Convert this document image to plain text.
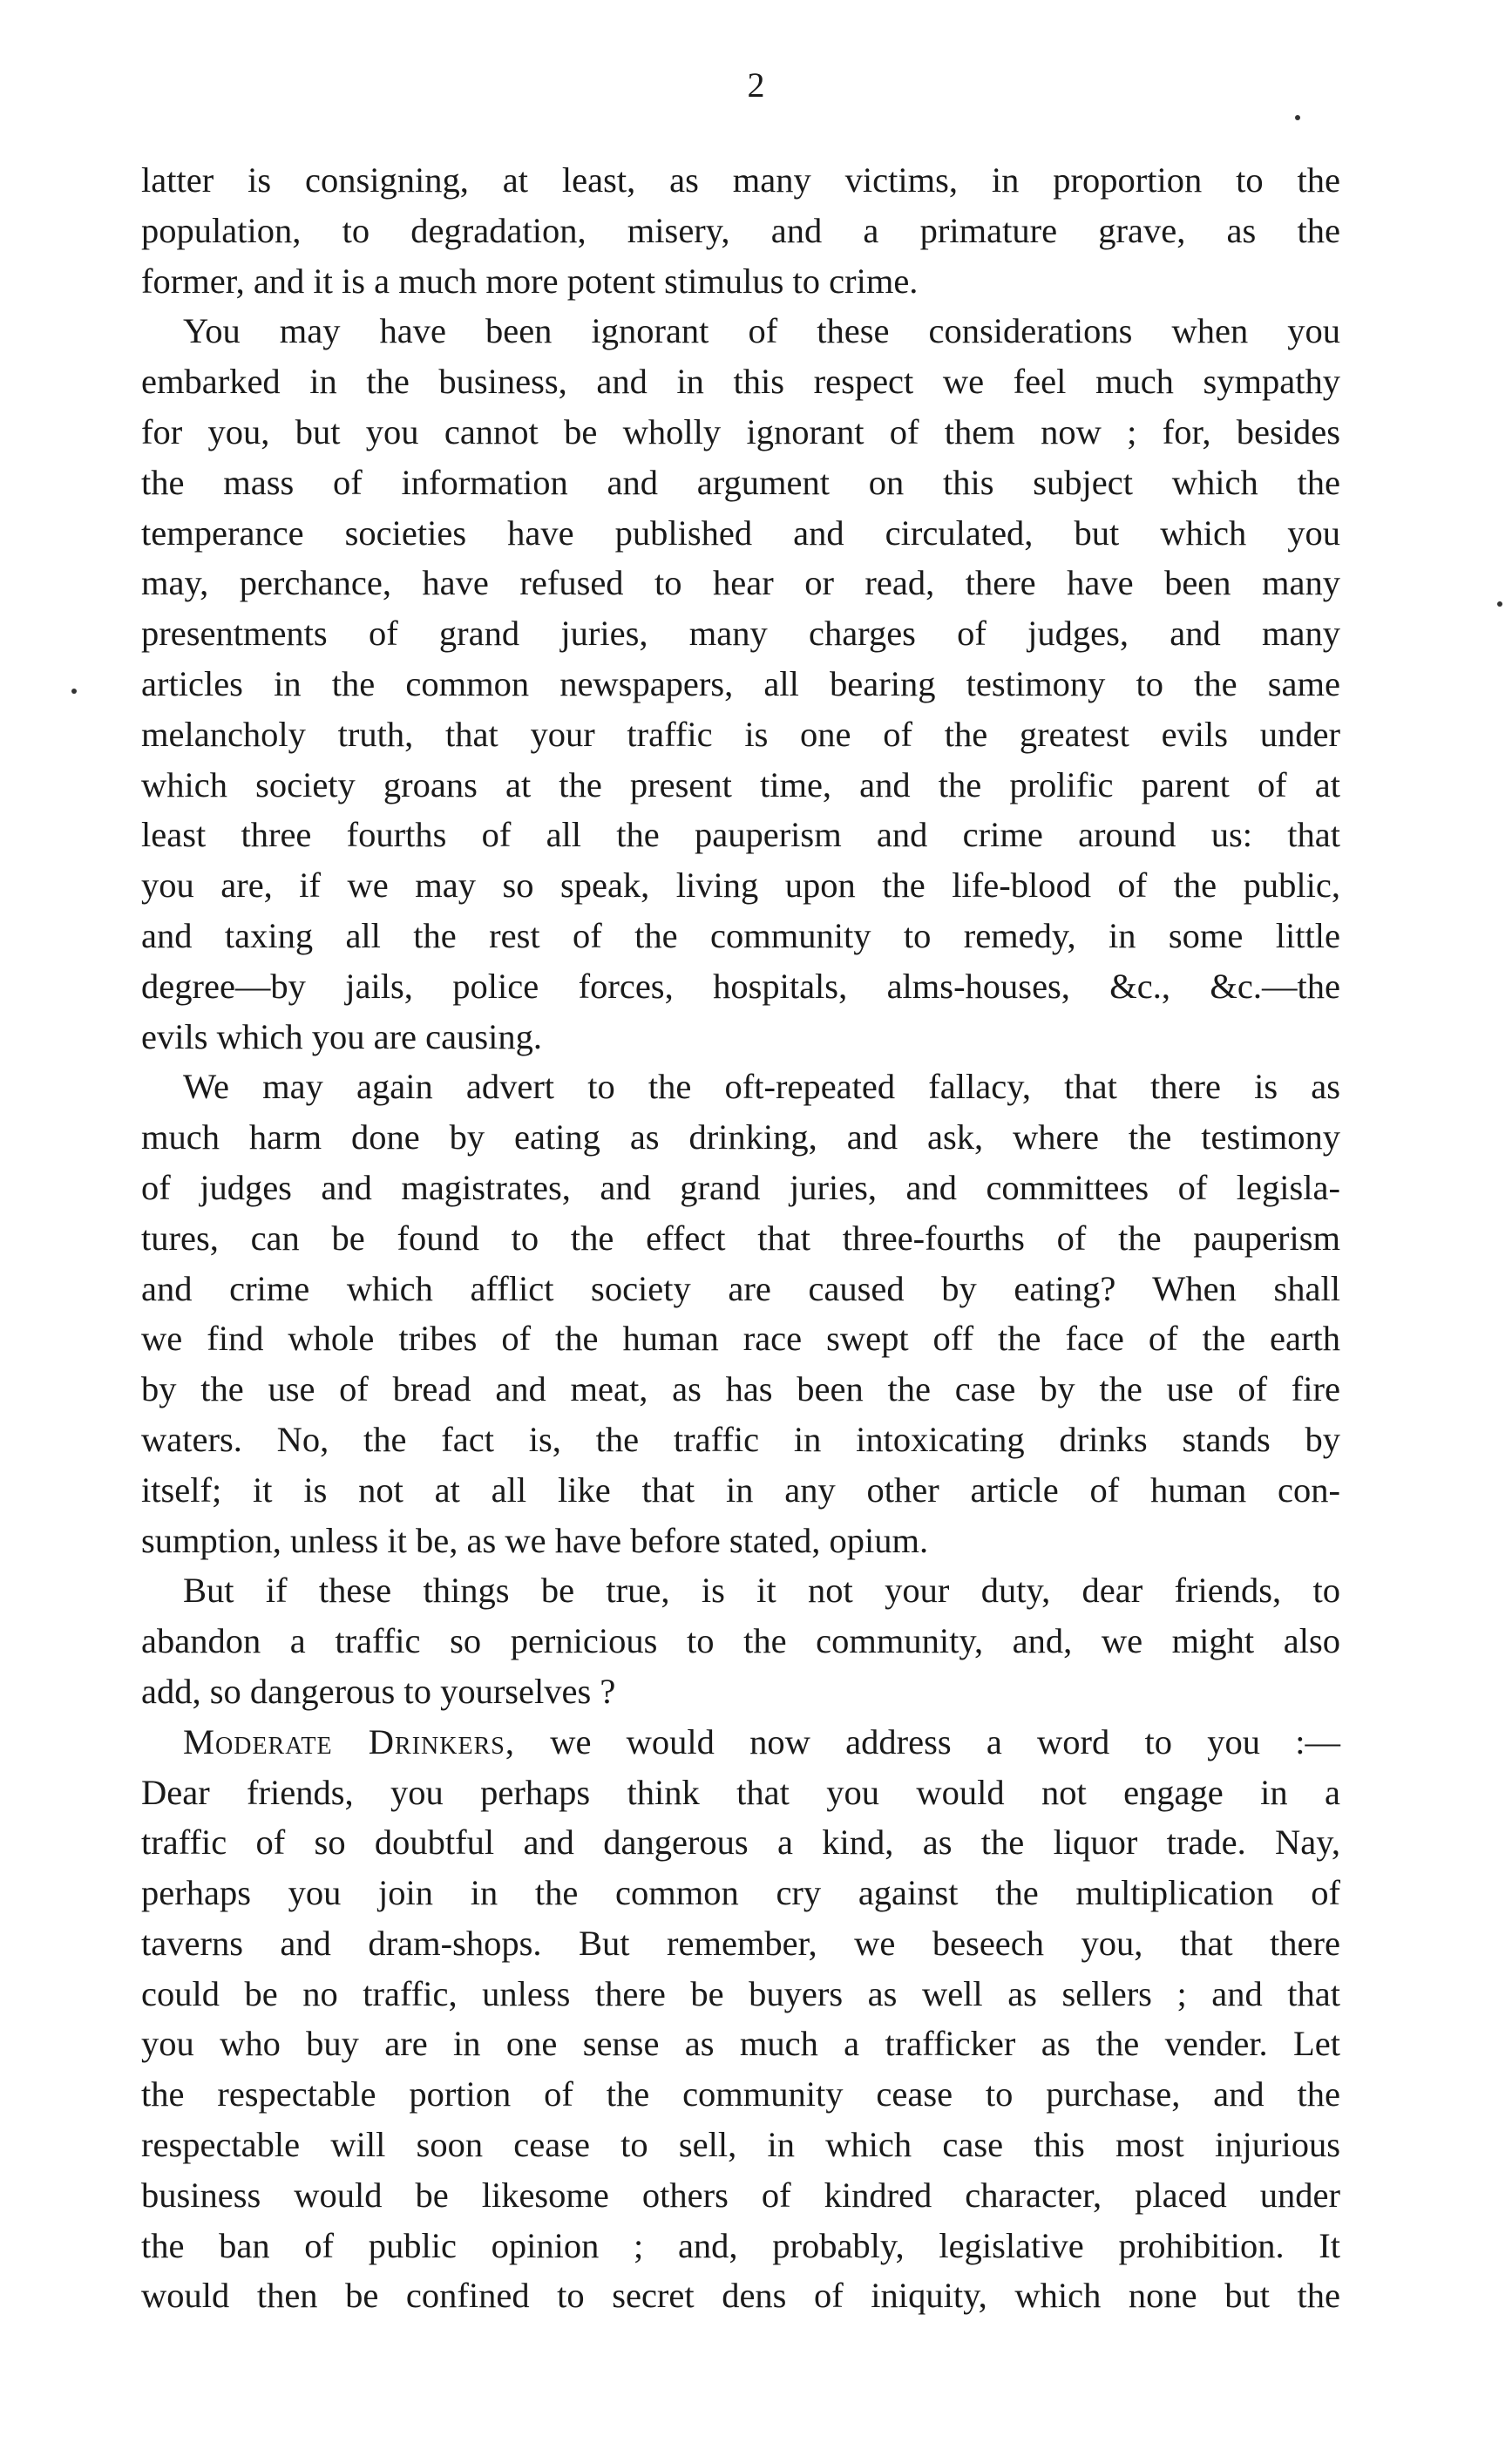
2
latter is consigning, at least, as many victims, in proportion to the
population, to degradation, misery, and a primature grave, as the
former, and it is a much more potent stimulus to crime.
You may have been ignorant of these considerations when you
embarked in the business, and in this respect we feel much sympathy
for you, but you cannot be wholly ignorant of them now ; for, besides
the mass of information and argument on this subject which the
temperance societies have published and circulated, but which you
may, perchance, have refused to hear or read, there have been many
presentments of grand juries, many charges of judges, and many
articles in the common newspapers, all bearing testimony to the same
melancholy truth, that your traffic is one of the greatest evils under
which society groans at the present time, and the prolific parent of at
least three fourths of all the pauperism and crime around us: that
you are, if we may so speak, living upon the life-blood of the public,
and taxing all the rest of the community to remedy, in some little
degree—by jails, police forces, hospitals, alms-houses, &c., &c.—the
evils which you are causing.
We may again advert to the oft-repeated fallacy, that there is as
much harm done by eating as drinking, and ask, where the testimony
of judges and magistrates, and grand juries, and committees of legisla-
tures, can be found to the effect that three-fourths of the pauperism
and crime which afflict society are caused by eating? When shall
we find whole tribes of the human race swept off the face of the earth
by the use of bread and meat, as has been the case by the use of fire
waters. No, the fact is, the traffic in intoxicating drinks stands by
itself; it is not at all like that in any other article of human con-
sumption, unless it be, as we have before stated, opium.
But if these things be true, is it not your duty, dear friends, to
abandon a traffic so pernicious to the community, and, we might also
add, so dangerous to yourselves ?
Moderate Drinkers, we would now address a word to you :—
Dear friends, you perhaps think that you would not engage in a
traffic of so doubtful and dangerous a kind, as the liquor trade. Nay,
perhaps you join in the common cry against the multiplication of
taverns and dram-shops. But remember, we beseech you, that there
could be no traffic, unless there be buyers as well as sellers ; and that
you who buy are in one sense as much a trafficker as the vender. Let
the respectable portion of the community cease to purchase, and the
respectable will soon cease to sell, in which case this most injurious
business would be likesome others of kindred character, placed under
the ban of public opinion ; and, probably, legislative prohibition. It
would then be confined to secret dens of iniquity, which none but the
